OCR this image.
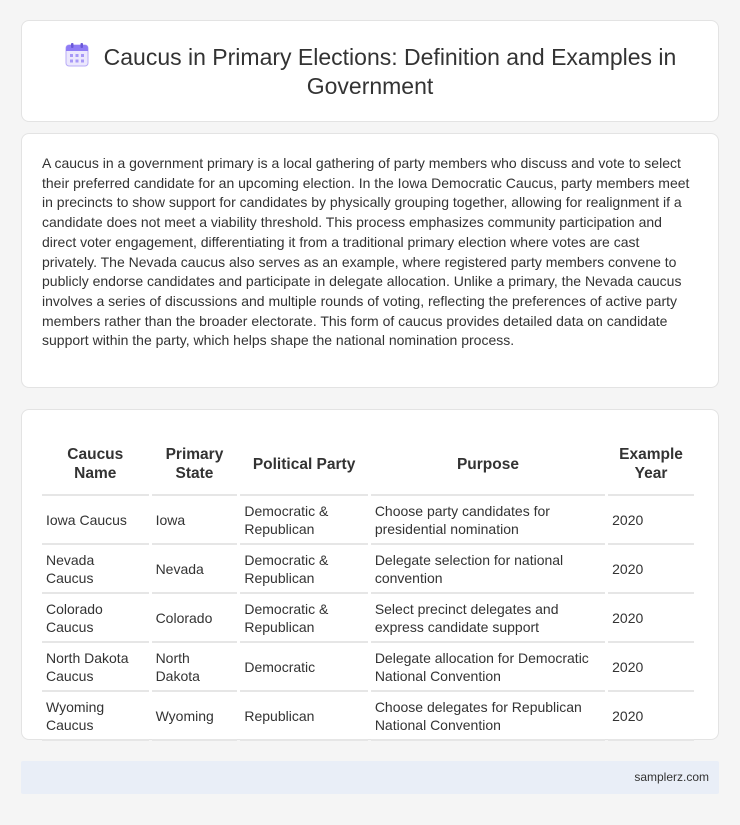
Caucus in Primary Elections: Definition and Examples in Government

A caucus in a government primary is a local gathering of party members who discuss and vote to select their preferred candidate for an upcoming election. In the Iowa Democratic Caucus, party members meet in precincts to show support for candidates by physically grouping together, allowing for realignment if a candidate does not meet a viability threshold. This process emphasizes community participation and direct voter engagement, differentiating it from a traditional primary election where votes are cast privately. The Nevada caucus also serves as an example, where registered party members convene to publicly endorse candidates and participate in delegate allocation. Unlike a primary, the Nevada caucus involves a series of discussions and multiple rounds of voting, reflecting the preferences of active party members rather than the broader electorate. This form of caucus provides detailed data on candidate support within the party, which helps shape the national nomination process.

Caucus Name	Primary State	Political Party	Purpose	Example Year
Iowa Caucus	Iowa	Democratic & Republican	Choose party candidates for presidential nomination	2020
Nevada Caucus	Nevada	Democratic & Republican	Delegate selection for national convention	2020
Colorado Caucus	Colorado	Democratic & Republican	Select precinct delegates and express candidate support	2020
North Dakota Caucus	North Dakota	Democratic	Delegate allocation for Democratic National Convention	2020
Wyoming Caucus	Wyoming	Republican	Choose delegates for Republican National Convention	2020
samplerz.com
